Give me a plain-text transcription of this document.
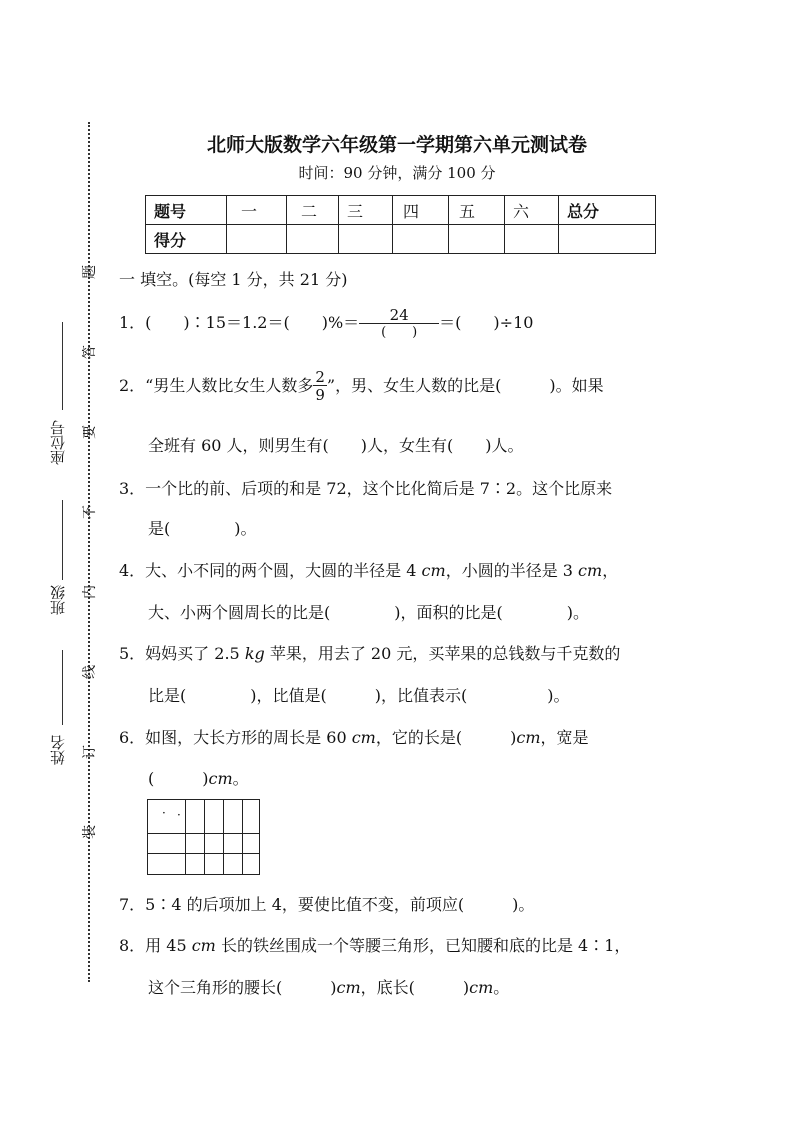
座位号
班级
姓名
题
答
要
不
内
线
订
装
北师大版数学六年级第一学期第六单元测试卷
时间：90 分钟，满分 100 分
题号	一	二	三	四	五	六	总分
得分							
一 填空。(每空 1 分，共 21 分)
1．(　　)∶15＝1.2＝(　　)%＝ $\frac{24}{( )}$ ＝(　　)÷10
2．“男生人数比女生人数多 $\frac{2}{9}$ ”，男、女生人数的比是(　　　)。如果
全班有 60 人，则男生有(　　)人，女生有(　　)人。
3．一个比的前、后项的和是 72，这个比化简后是 7∶2。这个比原来
是(　　　　)。
4．大、小不同的两个圆，大圆的半径是 4 cm，小圆的半径是 3 cm，
大、小两个圆周长的比是(　　　　)，面积的比是(　　　　)。
5．妈妈买了 2.5 kg 苹果，用去了 20 元，买苹果的总钱数与千克数的
比是(　　　　)，比值是(　　　)，比值表示(　　　　　)。
6．如图，大长方形的周长是 60 cm，它的长是(　　　)cm，宽是
(　　　)cm。
· ·
7．5∶4 的后项加上 4，要使比值不变，前项应(　　　)。
8．用 45 cm 长的铁丝围成一个等腰三角形，已知腰和底的比是 4∶1，
这个三角形的腰长(　　　)cm，底长(　　　)cm。
